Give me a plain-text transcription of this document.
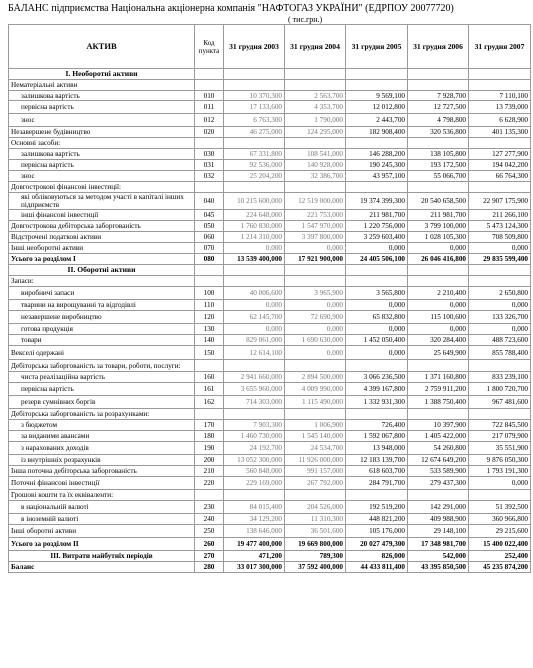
БАЛАНС підприємства Національна акціонерна компанія "НАФТОГАЗ УКРАЇНИ" (ЕДРПОУ 20077720)
( тис.грн.)
АКТИВ	Код пункта	31 грудня 2003	31 грудня 2004	31 грудня 2005	31 грудня 2006	31 грудня 2007
I. Необоротні активи						
Нематеріальні активи						
залишкова вартість	010	10 370,300	2 563,700	9 569,100	7 928,700	7 110,100
первісна вартість	011	17 133,600	4 353,700	12 012,800	12 727,500	13 739,000
знос	012	6 763,300	1 790,000	2 443,700	4 798,800	6 628,900
Незавершене будівництво	020	46 275,000	124 295,000	182 908,400	320 536,800	401 135,300
Основні засоби:						
залишкова вартість	030	67 331,800	108 541,000	146 288,200	138 105,800	127 277,900
первісна вартість	031	92 536,000	140 928,000	190 245,300	193 172,500	194 042,200
знос	032	25 204,200	32 386,700	43 957,100	55 066,700	66 764,300
Довгострокові фінансові інвестиції:						
які обліковуються за методом участі в капіталі інших підприємств	040	10 215 600,000	12 519 000,000	19 374 399,300	20 540 658,500	22 907 175,900
інші фінансові інвестиції	045	224 648,000	221 753,000	211 981,700	211 981,700	211 266,100
Довгострокова дебіторська заборгованість	050	1 760 830,000	1 547 970,000	1 220 756,000	3 799 100,000	5 473 124,300
Відстрочені податкові активи	060	1 214 310,000	3 397 800,000	3 259 603,400	1 028 105,300	708 509,800
Інші необоротні активи	070	0,000	0,000	0,000	0,000	0,000
Усього за розділом I	080	13 539 400,000	17 921 900,000	24 405 506,100	26 046 416,800	29 835 599,400
II. Оборотні активи						
Запаси:						
виробничі запаси	100	40 006,600	3 965,900	3 565,800	2 210,400	2 650,800
тварини на вирощуванні та відгодівлі	110	0,000	0,000	0,000	0,000	0,000
незавершене виробництво	120	62 145,700	72 690,900	65 832,800	115 100,600	133 326,700
готова продукція	130	0,000	0,000	0,000	0,000	0,000
товари	140	829 061,000	1 690 630,000	1 452 050,400	320 284,400	488 723,600
Векселі одержані	150	12 614,100	0,000	0,000	25 649,900	855 788,400
Дебіторська заборгованість за товари, роботи, послуги:						
чиста реалізаційна вартість	160	2 941 660,000	2 894 500,000	3 066 236,500	1 371 160,800	833 239,100
первісна вартість	161	3 655 960,000	4 009 990,000	4 399 167,800	2 759 911,200	1 800 720,700
резерв сумнівних боргів	162	714 303,000	1 115 490,000	1 332 931,300	1 388 750,400	967 481,600
Дебіторська заборгованість за розрахунками:						
з бюджетом	170	7 903,300	1 006,900	726,400	10 397,900	722 845,500
за виданими авансами	180	1 460 730,000	1 545 140,000	1 592 067,800	1 405 422,000	217 079,900
з нарахованих доходів	190	24 192,700	24 534,700	13 948,000	54 260,800	35 551,900
із внутрішніх розрахунків	200	13 052 300,000	11 926 000,000	12 183 139,700	12 674 649,200	9 876 050,300
Інша поточна дебіторська заборгованість	210	560 848,000	991 157,000	618 603,700	533 589,900	1 793 191,300
Поточні фінансові інвестиції	220	229 169,000	267 792,000	284 791,700	279 437,300	0,000
Грошові кошти та їх еквіваленти:						
в національній валюті	230	84 015,400	204 526,000	192 519,200	142 291,000	51 392,500
в іноземній валюті	240	34 129,200	11 310,300	448 821,200	409 988,900	360 966,800
Інші оборотні активи	250	138 646,000	36 501,600	105 176,000	29 148,100	29 215,600
Усього за розділом II	260	19 477 400,000	19 669 800,000	20 027 479,300	17 348 981,700	15 400 022,400
III. Витрати майбутніх періодів	270	471,200	789,300	826,000	542,000	252,400
Баланс	280	33 017 300,000	37 592 400,000	44 433 811,400	43 395 850,500	45 235 874,200
